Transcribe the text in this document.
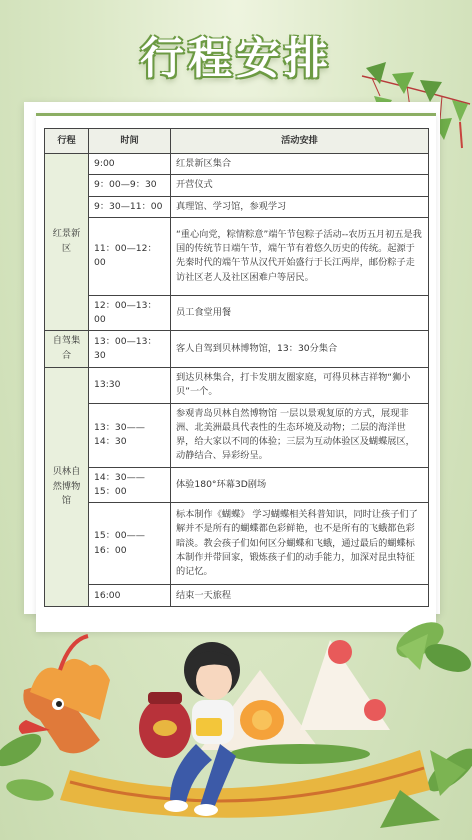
行程安排
行程	时间	活动安排
红景新区	9:00	红景新区集合
	9：00—9：30	开营仪式
	9：30—11：00	真理馆、学习馆，参观学习
	11：00—12：00	“重心向党，粽情粽意”端午节包粽子活动--农历五月初五是我国的传统节日端午节，端午节有着悠久历史的传统。起源于先秦时代的端午节从汉代开始盛行于长江两岸，邮份粽子走访社区老人及社区困难户等居民。
	12：00—13：00	员工食堂用餐
自驾集合	13：00—13：30	客人自驾到贝林博物馆，13：30分集合
贝林自然博物馆	13:30	到达贝林集合，打卡发朋友圈家庭，可得贝林吉祥物“狮小贝”一个。
	13：30——14：30	参观青岛贝林自然博物馆 一层以景观复原的方式，展现非洲、北美洲最具代表性的生态环境及动物；二层的海洋世界，给大家以不同的体验；三层为互动体验区及蝴蝶展区，动静结合、异彩纷呈。
	14：30——15：00	体验180°环幕3D剧场
	15：00——16：00	标本制作《蝴蝶》 学习蝴蝶相关科普知识，同时让孩子们了解并不是所有的蝴蝶都色彩鲜艳，也不是所有的飞蛾都色彩暗淡。教会孩子们如何区分蝴蝶和飞蛾，通过最后的蝴蝶标本制作并带回家，锻炼孩子们的动手能力，加深对昆虫特征的记忆。
	16:00	结束一天旅程
